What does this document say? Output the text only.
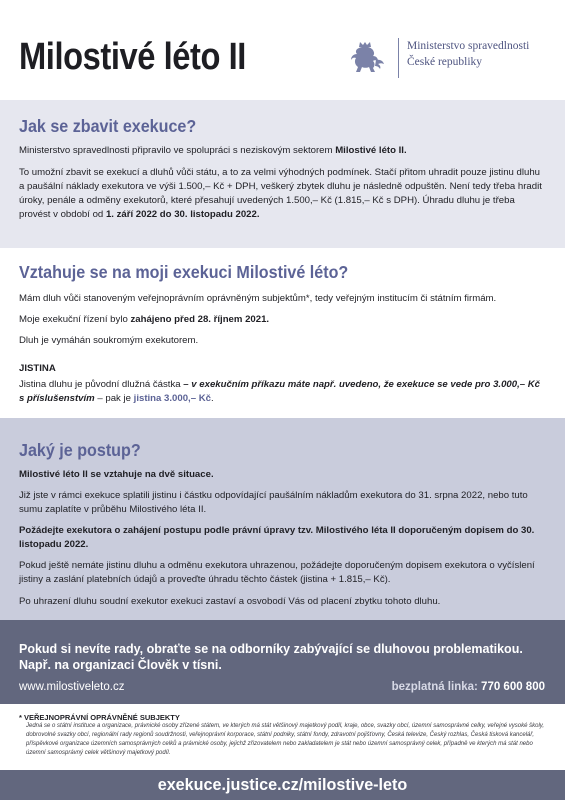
Milostivé léto II	Ministerstvo spravedlnosti
České republiky
Jak se zbavit exekuce?
Ministerstvo spravedlnosti připravilo ve spolupráci s neziskovým sektorem Milostivé léto II.
To umožní zbavit se exekucí a dluhů vůči státu, a to za velmi výhodných podmínek. Stačí přitom uhradit pouze jistinu dluhu a paušální náklady exekutora ve výši 1.500,– Kč + DPH, veškerý zbytek dluhu je následně odpuštěn. Není tedy třeba hradit úroky, penále a odměny exekutorů, které přesahují uvedených 1.500,– Kč (1.815,– Kč s DPH). Úhradu dluhu je třeba provést v období od 1. září 2022 do 30. listopadu 2022.
Vztahuje se na moji exekuci Milostivé léto?
Mám dluh vůči stanoveným veřejnoprávním oprávněným subjektům*, tedy veřejným institucím či státním firmám.
Moje exekuční řízení bylo zahájeno před 28. říjnem 2021.
Dluh je vymáhán soukromým exekutorem.
JISTINA
Jistina dluhu je původní dlužná částka – v exekučním příkazu máte např. uvedeno, že exekuce se vede pro 3.000,– Kč s příslušenstvím – pak je jistina 3.000,– Kč.
Jaký je postup?
Milostivé léto II se vztahuje na dvě situace.
Již jste v rámci exekuce splatili jistinu i částku odpovídající paušálním nákladům exekutora do 31. srpna 2022, nebo tuto sumu zaplatíte v průběhu Milostivého léta II.
Požádejte exekutora o zahájení postupu podle právní úpravy tzv. Milostivého léta II doporučeným dopisem do 30. listopadu 2022.
Pokud ještě nemáte jistinu dluhu a odměnu exekutora uhrazenou, požádejte doporučeným dopisem exekutora o vyčíslení jistiny a zaslání platebních údajů a proveďte úhradu těchto částek (jistina + 1.815,– Kč).
Po uhrazení dluhu soudní exekutor exekuci zastaví a osvobodí Vás od placení zbytku tohoto dluhu.
Pokud si nevíte rady, obraťte se na odborníky zabývající se dluhovou problematikou. Např. na organizaci Člověk v tísni.
www.milostiveleto.cz	bezplatná linka: 770 600 800
* VEŘEJNOPRÁVNÍ OPRÁVNĚNÉ SUBJEKTY
Jedná se o státní instituce a organizace, právnické osoby zřízené státem, ve kterých má stát většinový majetkový podíl, kraje, obce, svazky obcí, územní samosprávné celky, veřejné vysoké školy, dobrovolné svazky obcí, regionální rady regionů soudržnosti, veřejnoprávní korporace, státní podniky, státní fondy, zdravotní pojišťovny, Česká televize, Český rozhlas, Česká tisková kancelář, příspěvkové organizace územních samosprávných celků a právnické osoby, jejichž zřizovatelem nebo zakladatelem je stát nebo územní samosprávný celek, případně ve kterých má stát nebo územní samosprávný celek většinový majetkový podíl.
exekuce.justice.cz/milostive-leto
